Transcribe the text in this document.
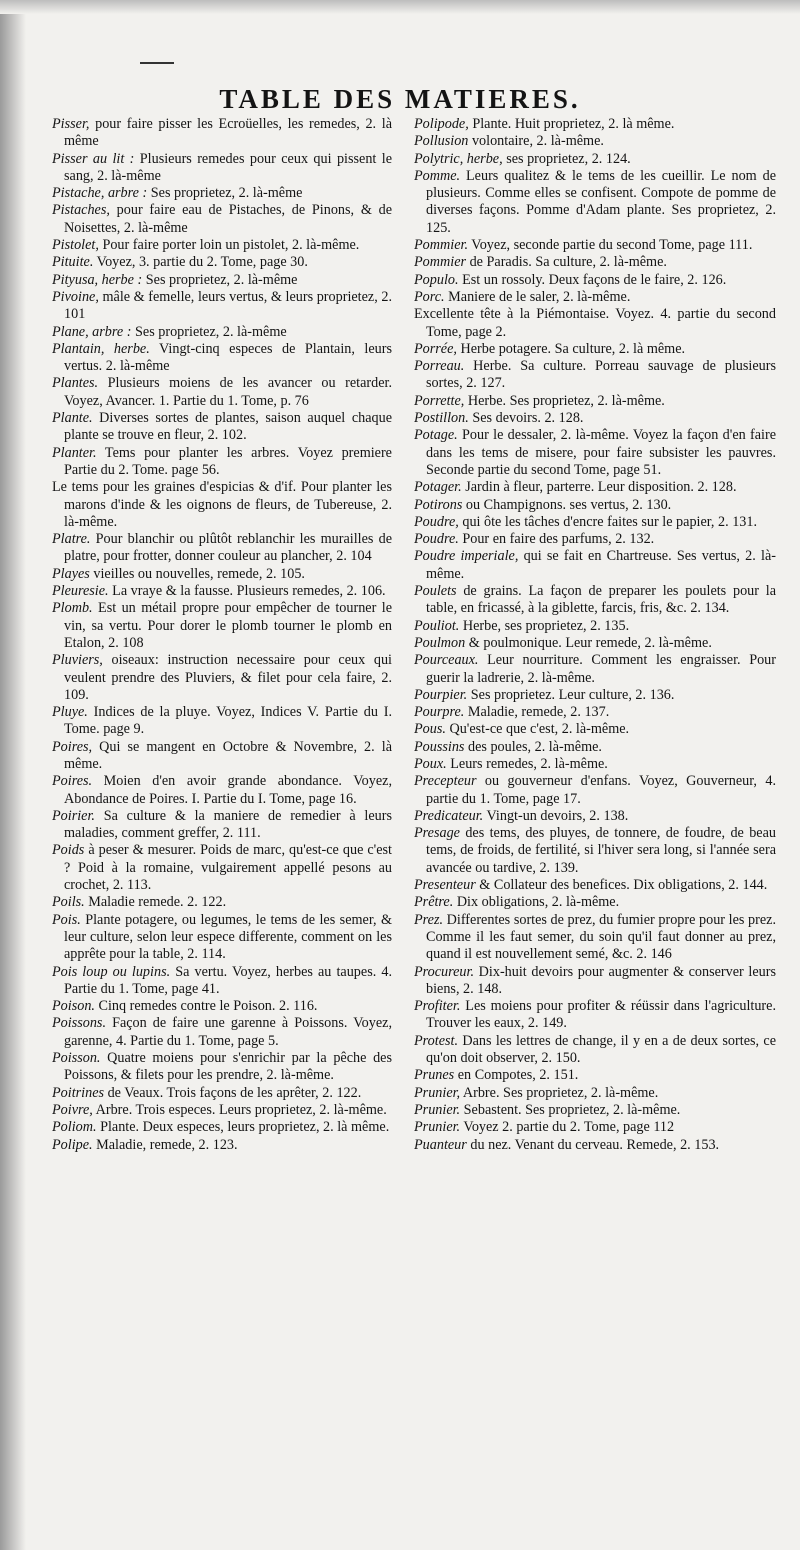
TABLE DES MATIERES.
Pisser, pour faire pisser les Ecroüelles, les remedes, 2. là même
Pisser au lit : Plusieurs remedes pour ceux qui pissent le sang, 2. là-même
Pistache, arbre : Ses proprietez, 2. là-même
Pistaches, pour faire eau de Pistaches, de Pinons, & de Noisettes, 2. là-même
Pistolet, Pour faire porter loin un pistolet, 2. là-même.
Pituite. Voyez, 3. partie du 2. Tome, page 30.
Pityusa, herbe : Ses proprietez, 2. là-même
Pivoine, mâle & femelle, leurs vertus, & leurs proprietez, 2. 101
Plane, arbre : Ses proprietez, 2. là-même
Plantain, herbe. Vingt-cinq especes de Plantain, leurs vertus. 2. là-même
Plantes. Plusieurs moiens de les avancer ou retarder. Voyez, Avancer. 1. Partie du 1. Tome, p. 76
Plante. Diverses sortes de plantes, saison auquel chaque plante se trouve en fleur, 2. 102.
Planter. Tems pour planter les arbres. Voyez premiere Partie du 2. Tome. page 56.
Le tems pour les graines d'espicias & d'if. Pour planter les marons d'inde & les oignons de fleurs, de Tubereuse, 2. là-même.
Platre. Pour blanchir ou plûtôt reblanchir les murailles de platre, pour frotter, donner couleur au plancher, 2. 104
Playes vieilles ou nouvelles, remede, 2. 105.
Pleuresie. La vraye & la fausse. Plusieurs remedes, 2. 106.
Plomb. Est un métail propre pour empêcher de tourner le vin, sa vertu. Pour dorer le plomb tourner le plomb en Etalon, 2. 108
Pluviers, oiseaux: instruction necessaire pour ceux qui veulent prendre des Pluviers, & filet pour cela faire, 2. 109.
Pluye. Indices de la pluye. Voyez, Indices V. Partie du I. Tome. page 9.
Poires, Qui se mangent en Octobre & Novembre, 2. là même.
Poires. Moien d'en avoir grande abondance. Voyez, Abondance de Poires. I. Partie du I. Tome, page 16.
Poirier. Sa culture & la maniere de remedier à leurs maladies, comment greffer, 2. 111.
Poids à peser & mesurer. Poids de marc, qu'est-ce que c'est ? Poid à la romaine, vulgairement appellé pesons au crochet, 2. 113.
Poils. Maladie remede. 2. 122.
Pois. Plante potagere, ou legumes, le tems de les semer, & leur culture, selon leur espece differente, comment on les apprête pour la table, 2. 114.
Pois loup ou lupins. Sa vertu. Voyez, herbes au taupes. 4. Partie du 1. Tome, page 41.
Poison. Cinq remedes contre le Poison. 2. 116.
Poissons. Façon de faire une garenne à Poissons. Voyez, garenne, 4. Partie du 1. Tome, page 5.
Poisson. Quatre moiens pour s'enrichir par la pêche des Poissons, & filets pour les prendre, 2. là-même.
Poitrines de Veaux. Trois façons de les aprêter, 2. 122.
Poivre, Arbre. Trois especes. Leurs proprietez, 2. là-même.
Poliom. Plante. Deux especes, leurs proprietez, 2. là même.
Polipe. Maladie, remede, 2. 123.
Polipode, Plante. Huit proprietez, 2. là même.
Pollusion volontaire, 2. là-même.
Polytric, herbe, ses proprietez, 2. 124.
Pomme. Leurs qualitez & le tems de les cueillir. Le nom de plusieurs. Comme elles se confisent. Compote de pomme de diverses façons. Pomme d'Adam plante. Ses proprietez, 2. 125.
Pommier. Voyez, seconde partie du second Tome, page 111.
Pommier de Paradis. Sa culture, 2. là-même.
Populo. Est un rossoly. Deux façons de le faire, 2. 126.
Porc. Maniere de le saler, 2. là-même.
Excellente tête à la Piémontaise. Voyez. 4. partie du second Tome, page 2.
Porrée, Herbe potagere. Sa culture, 2. là même.
Porreau. Herbe. Sa culture. Porreau sauvage de plusieurs sortes, 2. 127.
Porrette, Herbe. Ses proprietez, 2. là-même.
Postillon. Ses devoirs. 2. 128.
Potage. Pour le dessaler, 2. là-même. Voyez la façon d'en faire dans les tems de misere, pour faire subsister les pauvres. Seconde partie du second Tome, page 51.
Potager. Jardin à fleur, parterre. Leur disposition. 2. 128.
Potirons ou Champignons. ses vertus, 2. 130.
Poudre, qui ôte les tâches d'encre faites sur le papier, 2. 131.
Poudre. Pour en faire des parfums, 2. 132.
Poudre imperiale, qui se fait en Chartreuse. Ses vertus, 2. là-même.
Poulets de grains. La façon de preparer les poulets pour la table, en fricassé, à la giblette, farcis, fris, &c. 2. 134.
Pouliot. Herbe, ses proprietez, 2. 135.
Poulmon & poulmonique. Leur remede, 2. là-même.
Pourceaux. Leur nourriture. Comment les engraisser. Pour guerir la ladrerie, 2. là-même.
Pourpier. Ses proprietez. Leur culture, 2. 136.
Pourpre. Maladie, remede, 2. 137.
Pous. Qu'est-ce que c'est, 2. là-même.
Poussins des poules, 2. là-même.
Poux. Leurs remedes, 2. là-même.
Precepteur ou gouverneur d'enfans. Voyez, Gouverneur, 4. partie du 1. Tome, page 17.
Predicateur. Vingt-un devoirs, 2. 138.
Presage des tems, des pluyes, de tonnere, de foudre, de beau tems, de froids, de fertilité, si l'hiver sera long, si l'année sera avancée ou tardive, 2. 139.
Presenteur & Collateur des benefices. Dix obligations, 2. 144.
Prêtre. Dix obligations, 2. là-même.
Prez. Differentes sortes de prez, du fumier propre pour les prez. Comme il les faut semer, du soin qu'il faut donner au prez, quand il est nouvellement semé, &c. 2. 146
Procureur. Dix-huit devoirs pour augmenter & conserver leurs biens, 2. 148.
Profiter. Les moiens pour profiter & réüssir dans l'agriculture. Trouver les eaux, 2. 149.
Protest. Dans les lettres de change, il y en a de deux sortes, ce qu'on doit observer, 2. 150.
Prunes en Compotes, 2. 151.
Prunier, Arbre. Ses proprietez, 2. là-même.
Prunier. Sebastent. Ses proprietez, 2. là-même.
Prunier. Voyez 2. partie du 2. Tome, page 112
Puanteur du nez. Venant du cerveau. Remede, 2. 153.
